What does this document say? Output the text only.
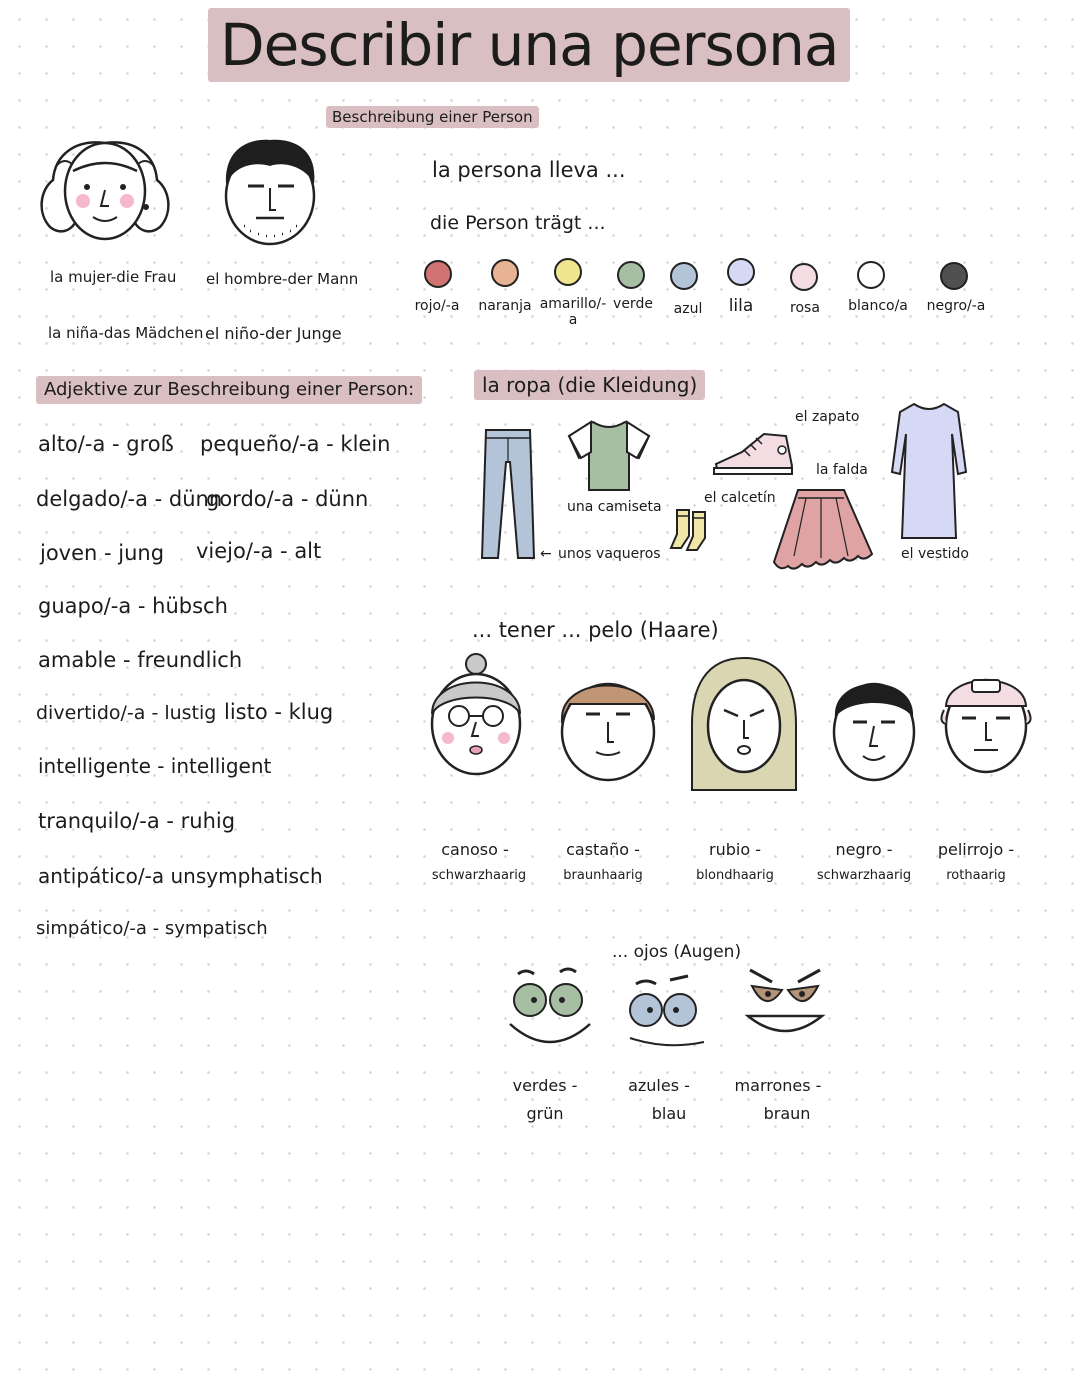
Describir una persona
Beschreibung einer Person
la mujer-die Frau el hombre-der Mann
la niña-das Mädchen el niño-der Junge
la persona lleva ...
die Person trägt ...
rojo/-a	naranja amarillo/-a
verde	azul	lila	rosa	blanco/a	negro/-a
Adjektive zur Beschreibung einer Person:
alto/-a - groß pequeño/-a - klein
delgado/-a - dünn
gordo/-a - dünn
joven - jung viejo/-a - alt
guapo/-a - hübsch
amable - freundlich
divertido/-a - lustig listo - klug
intelligente - intelligent
tranquilo/-a - ruhig
antipático/-a unsymphatisch
simpático/-a - sympatisch
la ropa (die Kleidung)
el zapato
la falda
una camiseta
el calcetín
← unos vaqueros	el vestido
... tener ... pelo (Haare)
canoso -
schwarzhaarig
castaño -
braunhaarig
rubio -
blondhaarig
negro -
schwarzhaarig
pelirrojo -
rothaarig
... ojos (Augen)
verdes -
grün
azules -
blau
marrones -
braun
